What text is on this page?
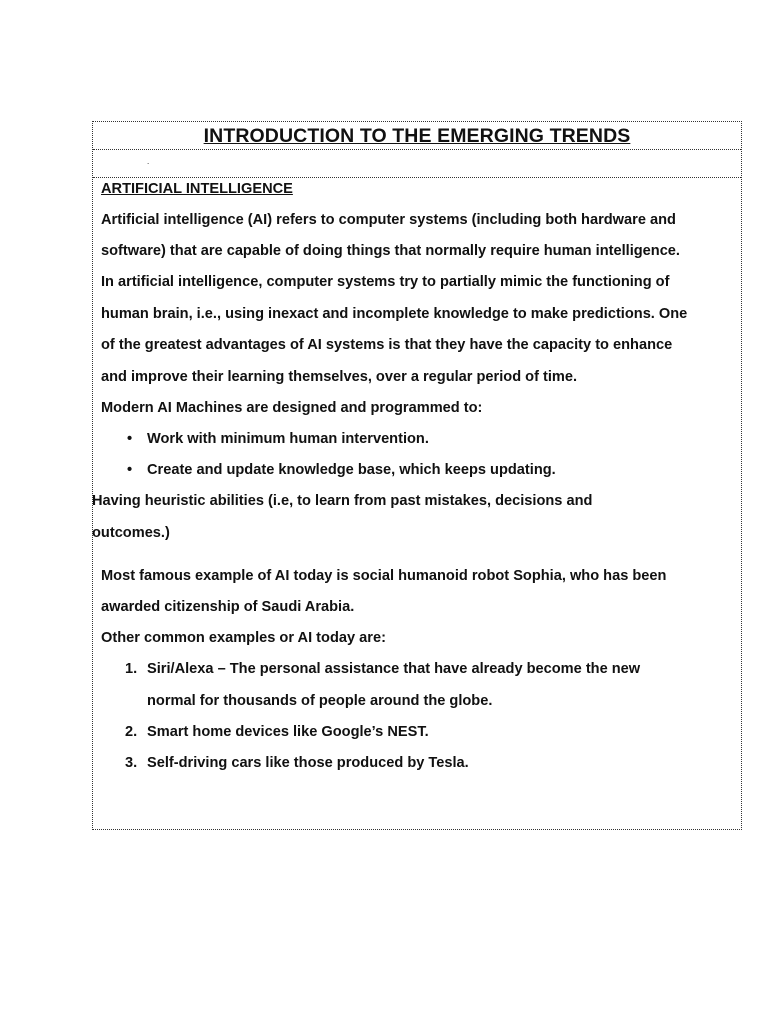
INTRODUCTION TO THE EMERGING TRENDS
.
ARTIFICIAL INTELLIGENCE
Artificial intelligence (AI) refers to computer systems (including both hardware and
software) that are capable of doing things that normally require human intelligence.
In artificial intelligence, computer systems try to partially mimic the functioning of
human brain, i.e., using inexact and incomplete knowledge to make predictions. One
of the greatest advantages of AI systems is that they have the capacity to enhance
and improve their learning themselves, over a regular period of time.
Modern AI Machines are designed and programmed to:
• Work with minimum human intervention.
• Create and update knowledge base, which keeps updating.
Having heuristic abilities (i.e, to learn from past mistakes, decisions and
outcomes.)
Most famous example of AI today is social humanoid robot Sophia, who has been
awarded citizenship of Saudi Arabia.
Other common examples or AI today are:
1. Siri/Alexa – The personal assistance that have already become the new
normal for thousands of people around the globe.
2. Smart home devices like Google’s NEST.
3. Self-driving cars like those produced by Tesla.
